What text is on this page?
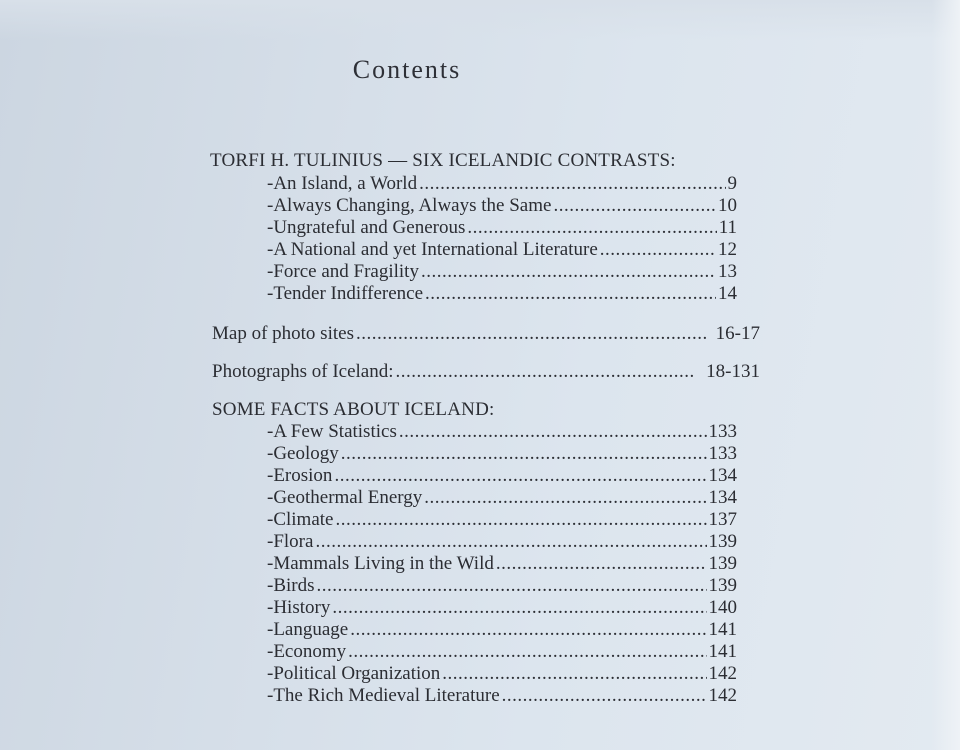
Contents
TORFI H. TULINIUS — SIX ICELANDIC CONTRASTS:
-An Island, a World .....	9
-Always Changing, Always the Same .....	10
-Ungrateful and Generous .....	11
-A National and yet International Literature .....	12
-Force and Fragility .....	13
-Tender Indifference .....	14
Map of photo sites .....	16-17
Photographs of Iceland: .....	18-131
SOME FACTS ABOUT ICELAND:
-A Few Statistics .....	133
-Geology .....	133
-Erosion .....	134
-Geothermal Energy .....	134
-Climate .....	137
-Flora .....	139
-Mammals Living in the Wild .....	139
-Birds .....	139
-History .....	140
-Language .....	141
-Economy .....	141
-Political Organization .....	142
-The Rich Medieval Literature .....	142
